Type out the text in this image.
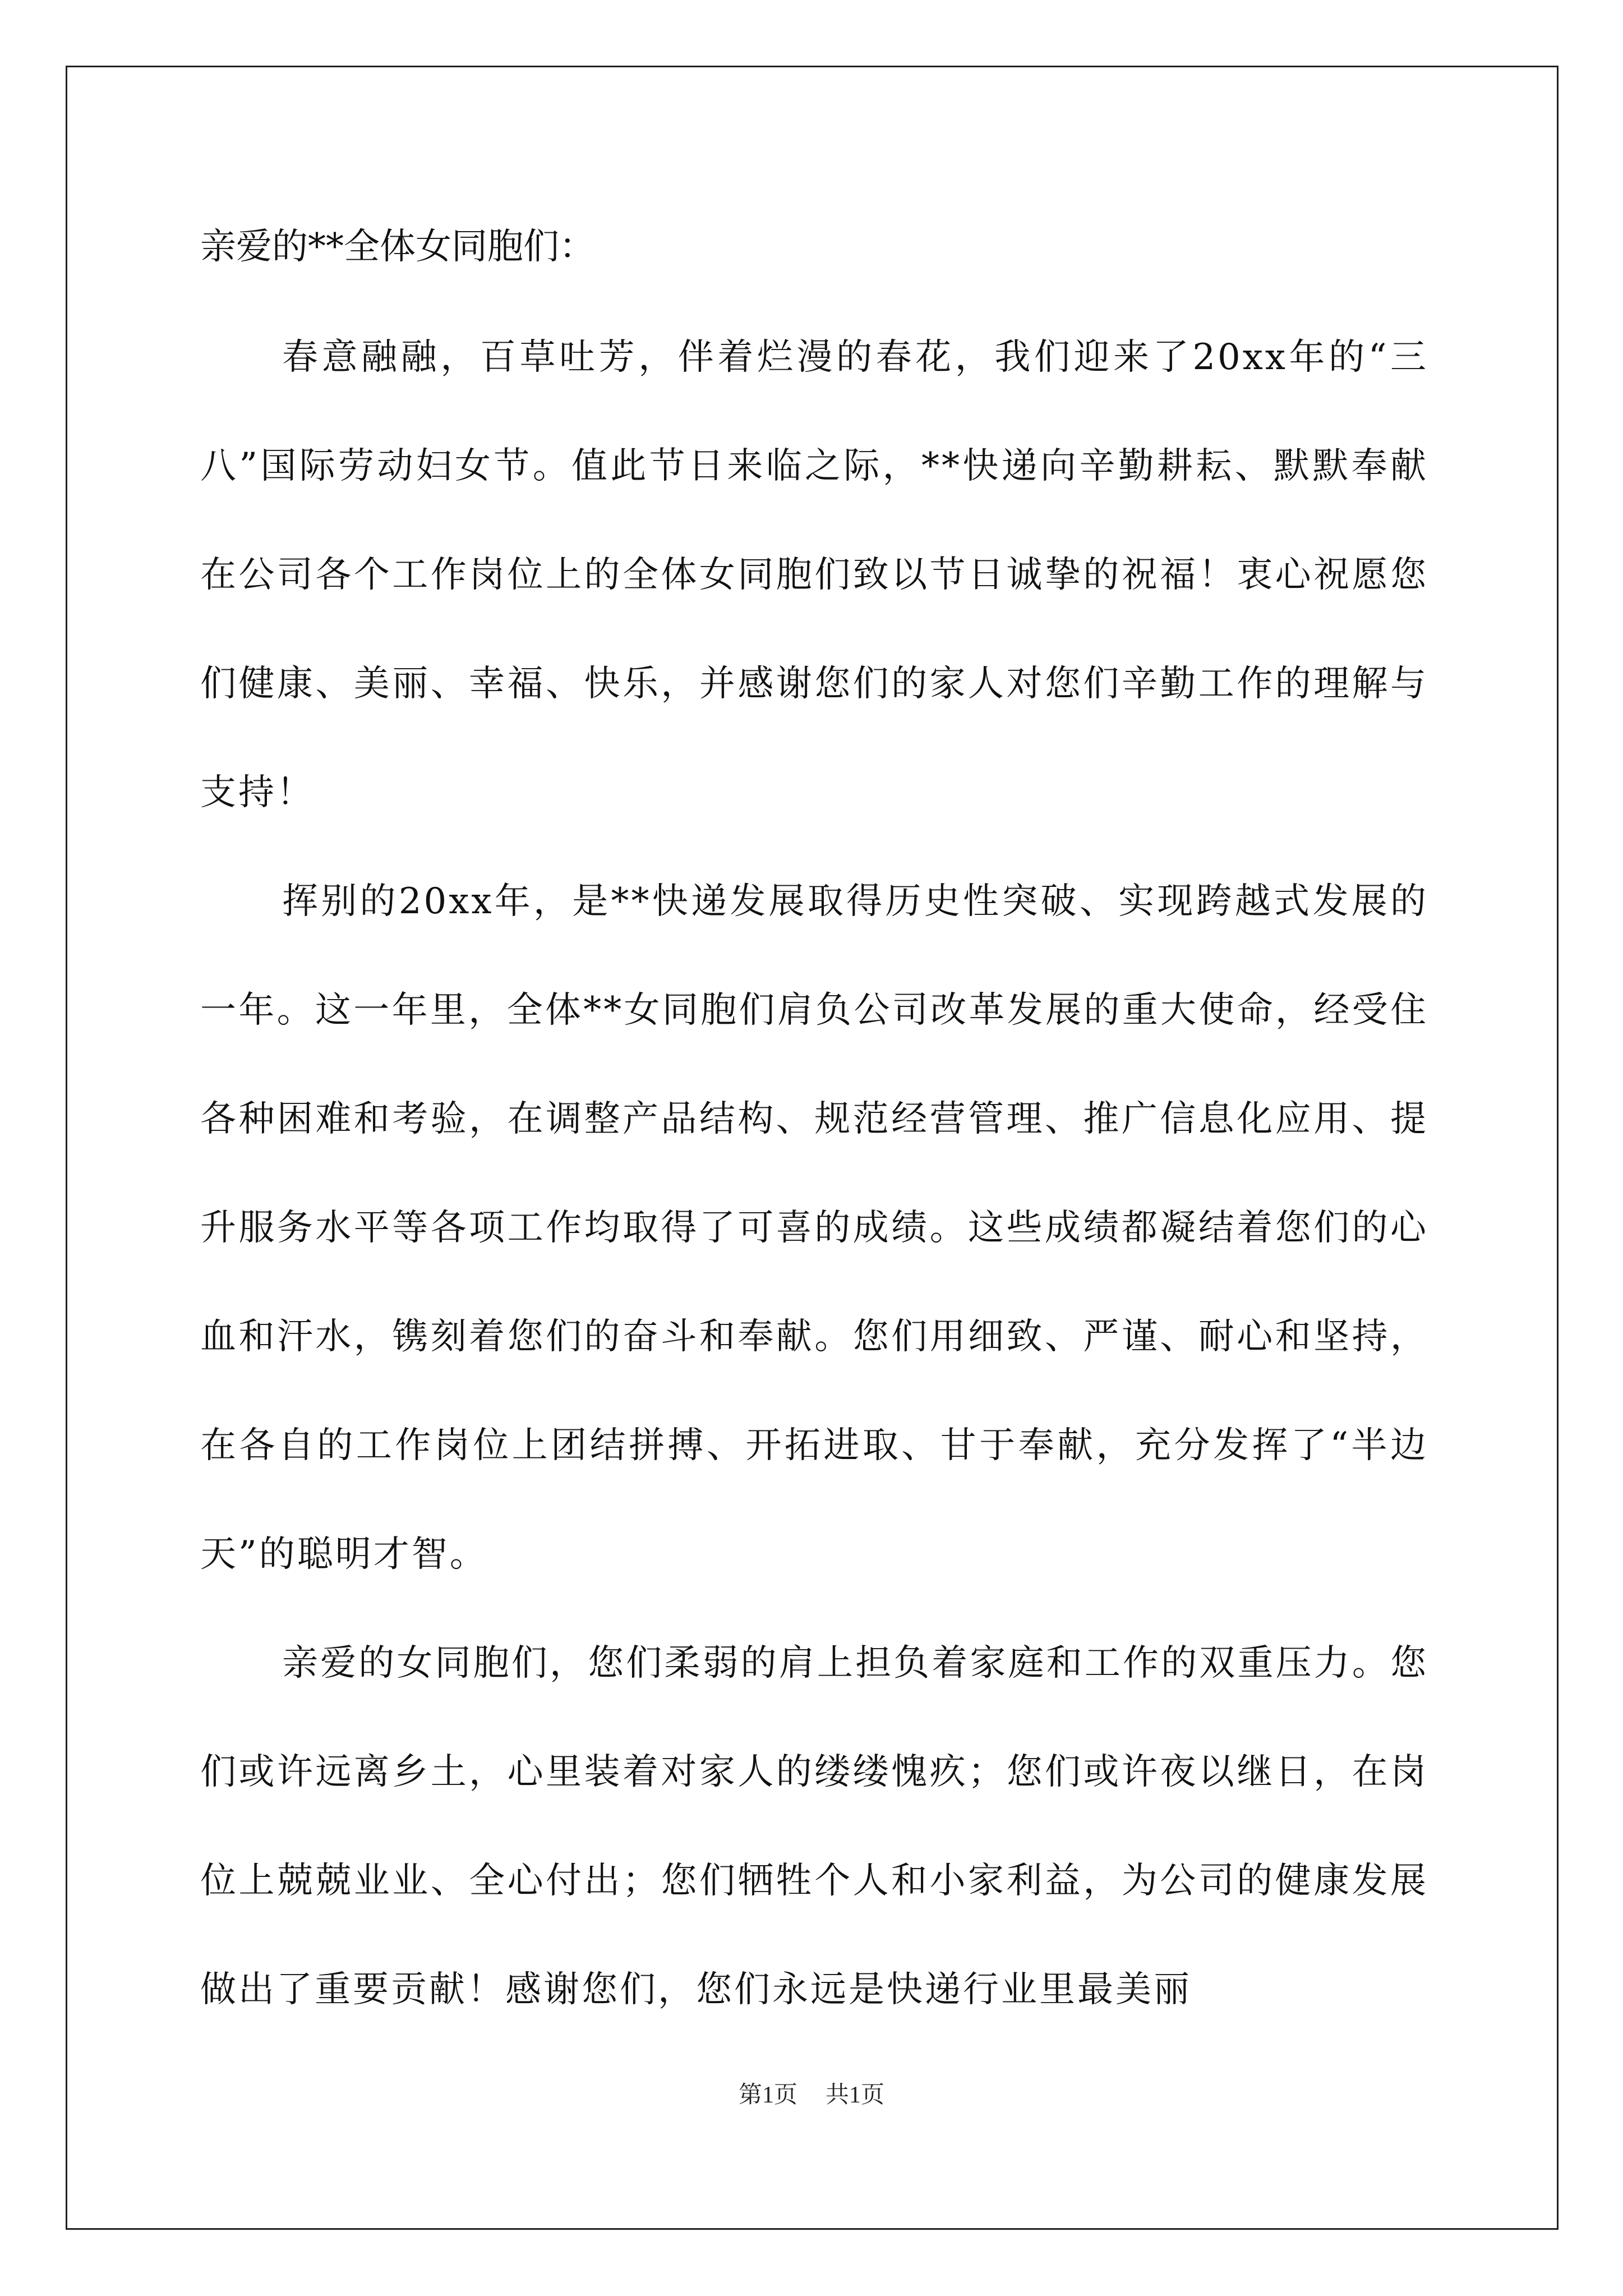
亲爱的**全体女同胞们：

春意融融，百草吐芳，伴着烂漫的春花，我们迎来了20xx年的“三八”国际劳动妇女节。值此节日来临之际，**快递向辛勤耕耘、默默奉献在公司各个工作岗位上的全体女同胞们致以节日诚挚的祝福！衷心祝愿您们健康、美丽、幸福、快乐，并感谢您们的家人对您们辛勤工作的理解与支持！

挥别的20xx年，是**快递发展取得历史性突破、实现跨越式发展的一年。这一年里，全体**女同胞们肩负公司改革发展的重大使命，经受住各种困难和考验，在调整产品结构、规范经营管理、推广信息化应用、提升服务水平等各项工作均取得了可喜的成绩。这些成绩都凝结着您们的心血和汗水，镌刻着您们的奋斗和奉献。您们用细致、严谨、耐心和坚持，在各自的工作岗位上团结拼搏、开拓进取、甘于奉献，充分发挥了“半边天”的聪明才智。

亲爱的女同胞们，您们柔弱的肩上担负着家庭和工作的双重压力。您们或许远离乡土，心里装着对家人的缕缕愧疚；您们或许夜以继日，在岗位上兢兢业业、全心付出；您们牺牲个人和小家利益，为公司的健康发展做出了重要贡献！感谢您们，您们永远是快递行业里最美丽

第1页 共1页
